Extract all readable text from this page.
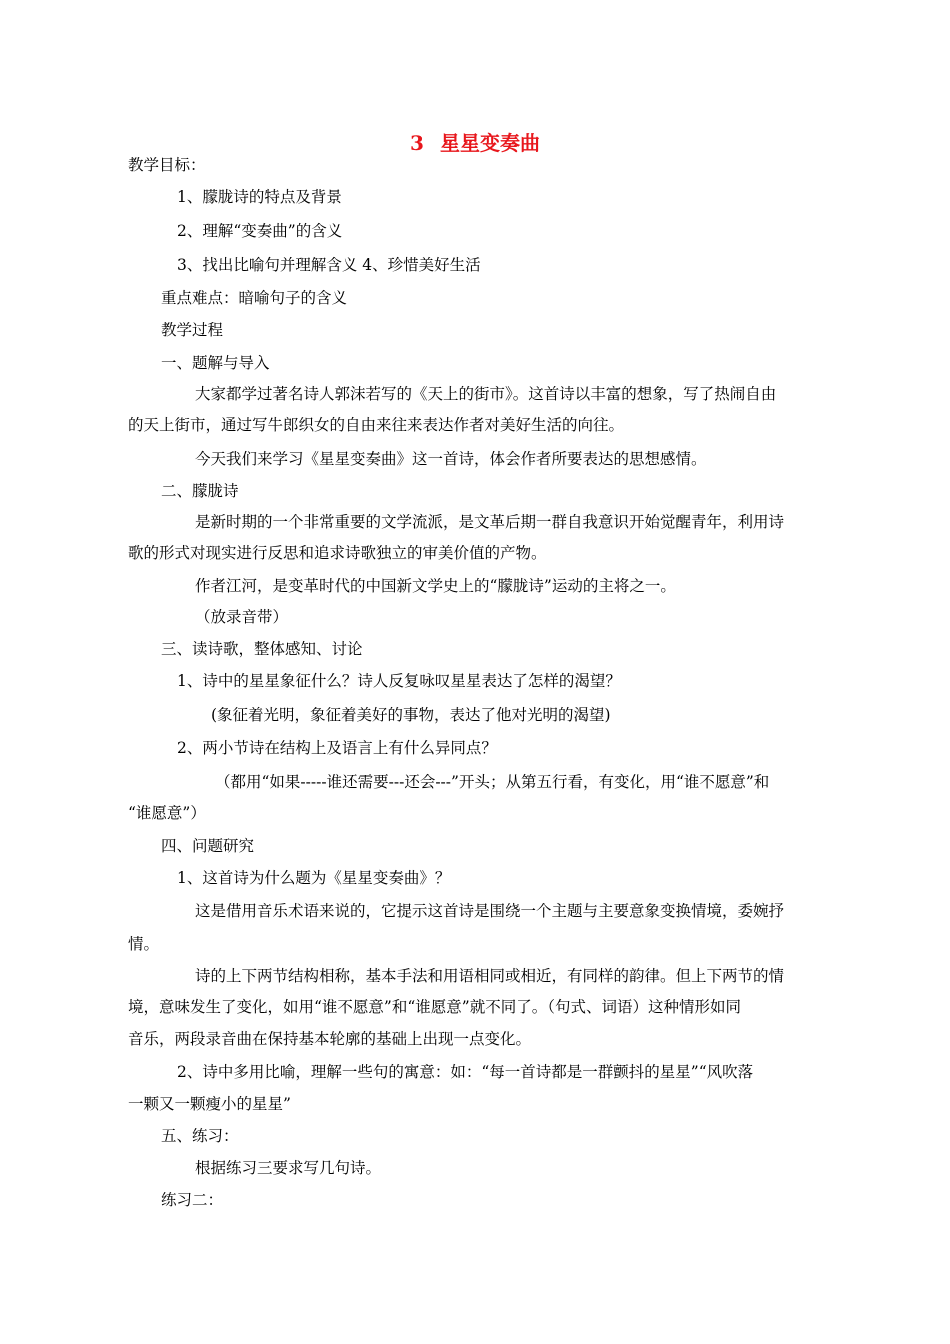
3 星星变奏曲
教学目标：
1、朦胧诗的特点及背景
2、理解“变奏曲”的含义
3、找出比喻句并理解含义 4、珍惜美好生活
重点难点：暗喻句子的含义
教学过程
一、题解与导入
大家都学过著名诗人郭沫若写的《天上的街市》。这首诗以丰富的想象，写了热闹自由
的天上街市，通过写牛郎织女的自由来往来表达作者对美好生活的向往。
今天我们来学习《星星变奏曲》这一首诗，体会作者所要表达的思想感情。
二、朦胧诗
是新时期的一个非常重要的文学流派，是文革后期一群自我意识开始觉醒青年，利用诗
歌的形式对现实进行反思和追求诗歌独立的审美价值的产物。
作者江河，是变革时代的中国新文学史上的“朦胧诗”运动的主将之一。
（放录音带）
三、读诗歌，整体感知、讨论
1、诗中的星星象征什么？诗人反复咏叹星星表达了怎样的渴望？
(象征着光明，象征着美好的事物，表达了他对光明的渴望)
2、两小节诗在结构上及语言上有什么异同点？
（都用“如果-----谁还需要---还会---”开头；从第五行看，有变化，用“谁不愿意”和
“谁愿意”）
四、问题研究
1、这首诗为什么题为《星星变奏曲》？
这是借用音乐术语来说的，它提示这首诗是围绕一个主题与主要意象变换情境，委婉抒
情。
诗的上下两节结构相称，基本手法和用语相同或相近，有同样的韵律。但上下两节的情
境，意味发生了变化，如用“谁不愿意”和“谁愿意”就不同了。（句式、词语）这种情形如同
音乐，两段录音曲在保持基本轮廓的基础上出现一点变化。
2、诗中多用比喻，理解一些句的寓意：如：“每一首诗都是一群颤抖的星星”“风吹落
一颗又一颗瘦小的星星”
五、练习：
根据练习三要求写几句诗。
练习二：
